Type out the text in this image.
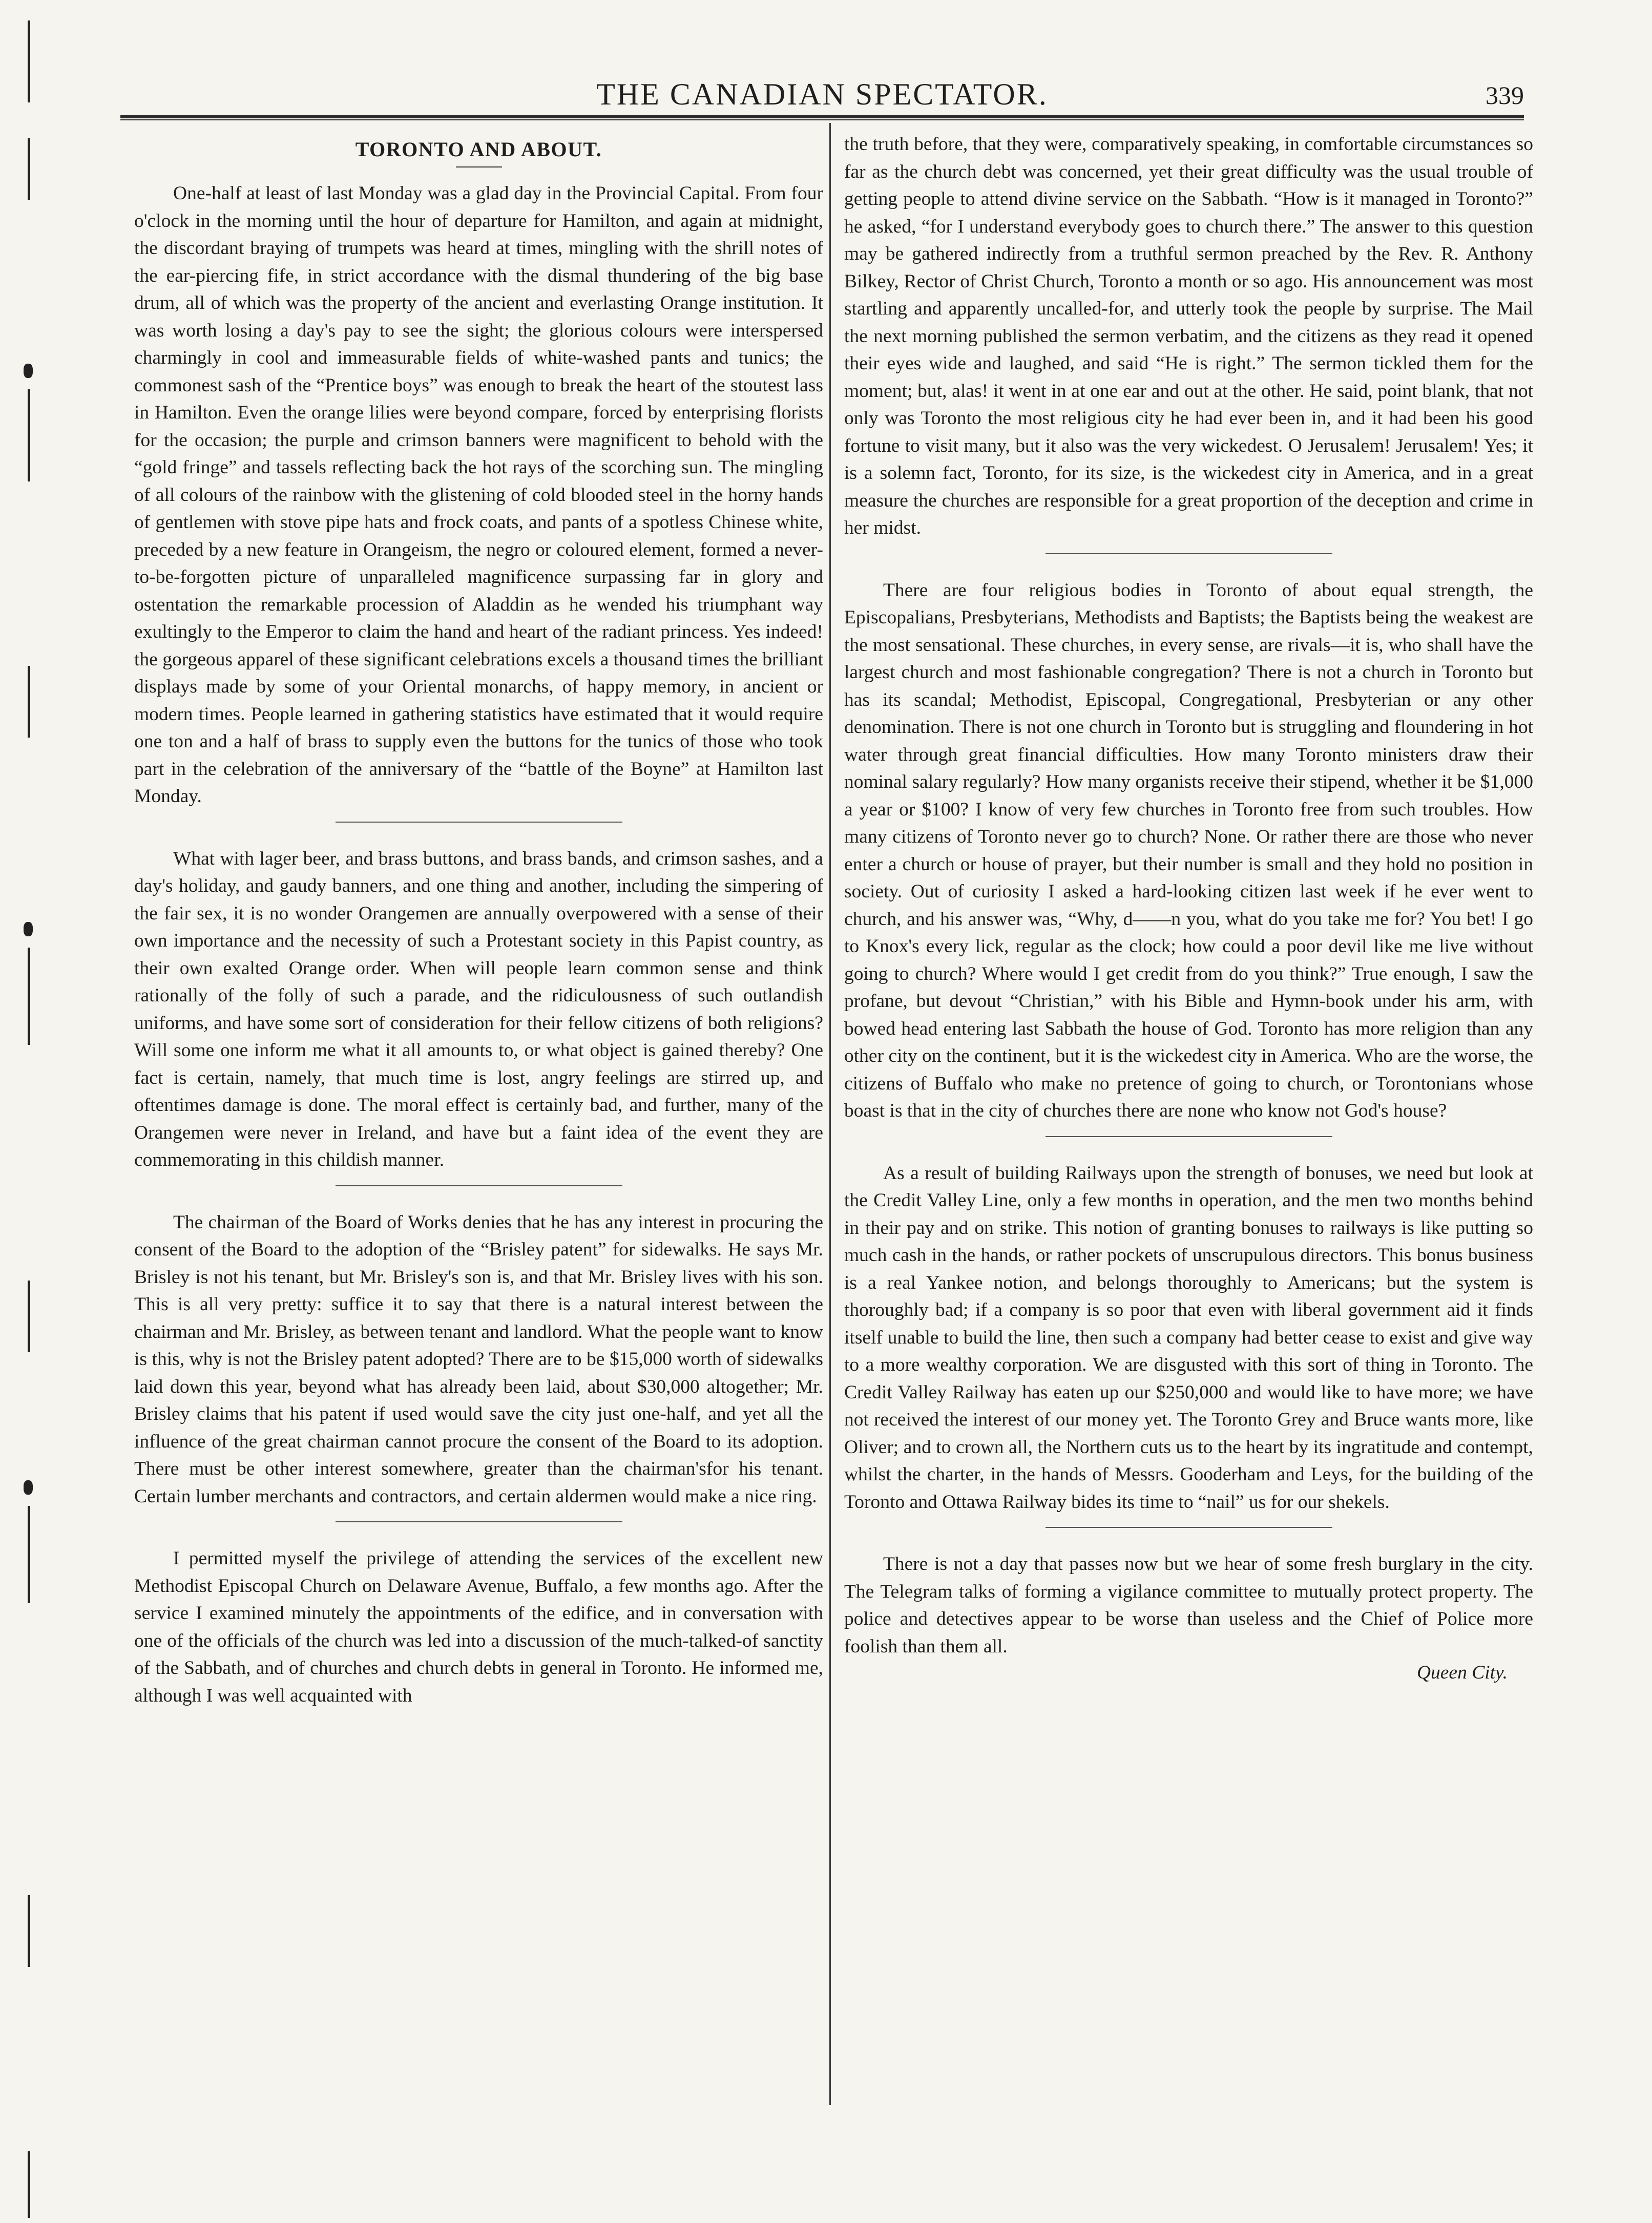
THE CANADIAN SPECTATOR.	339
TORONTO AND ABOUT.

One-half at least of last Monday was a glad day in the Provincial Capital. From four o'clock in the morning until the hour of departure for Hamilton, and again at midnight, the discordant braying of trumpets was heard at times, mingling with the shrill notes of the ear-piercing fife, in strict accordance with the dismal thundering of the big base drum, all of which was the property of the ancient and everlasting Orange institution. It was worth losing a day's pay to see the sight; the glorious colours were interspersed charmingly in cool and immeasurable fields of white-washed pants and tunics; the commonest sash of the “Prentice boys” was enough to break the heart of the stoutest lass in Hamilton. Even the orange lilies were beyond compare, forced by enterprising florists for the occasion; the purple and crimson banners were magnificent to behold with the “gold fringe” and tassels reflecting back the hot rays of the scorching sun. The mingling of all colours of the rainbow with the glistening of cold blooded steel in the horny hands of gentlemen with stove pipe hats and frock coats, and pants of a spotless Chinese white, preceded by a new feature in Orangeism, the negro or coloured element, formed a never-to-be-forgotten picture of unparalleled magnificence surpassing far in glory and ostentation the remarkable procession of Aladdin as he wended his triumphant way exultingly to the Emperor to claim the hand and heart of the radiant princess. Yes indeed! the gorgeous apparel of these significant celebrations excels a thousand times the brilliant displays made by some of your Oriental monarchs, of happy memory, in ancient or modern times. People learned in gathering statistics have estimated that it would require one ton and a half of brass to supply even the buttons for the tunics of those who took part in the celebration of the anniversary of the “battle of the Boyne” at Hamilton last Monday.

What with lager beer, and brass buttons, and brass bands, and crimson sashes, and a day's holiday, and gaudy banners, and one thing and another, including the simpering of the fair sex, it is no wonder Orangemen are annually overpowered with a sense of their own importance and the necessity of such a Protestant society in this Papist country, as their own exalted Orange order. When will people learn common sense and think rationally of the folly of such a parade, and the ridiculousness of such outlandish uniforms, and have some sort of consideration for their fellow citizens of both religions? Will some one inform me what it all amounts to, or what object is gained thereby? One fact is certain, namely, that much time is lost, angry feelings are stirred up, and oftentimes damage is done. The moral effect is certainly bad, and further, many of the Orangemen were never in Ireland, and have but a faint idea of the event they are commemorating in this childish manner.

The chairman of the Board of Works denies that he has any interest in procuring the consent of the Board to the adoption of the “Brisley patent” for sidewalks. He says Mr. Brisley is not his tenant, but Mr. Brisley's son is, and that Mr. Brisley lives with his son. This is all very pretty: suffice it to say that there is a natural interest between the chairman and Mr. Brisley, as between tenant and landlord. What the people want to know is this, why is not the Brisley patent adopted? There are to be $15,000 worth of sidewalks laid down this year, beyond what has already been laid, about $30,000 altogether; Mr. Brisley claims that his patent if used would save the city just one-half, and yet all the influence of the great chairman cannot procure the consent of the Board to its adoption. There must be other interest somewhere, greater than the chairman'sfor his tenant. Certain lumber merchants and contractors, and certain aldermen would make a nice ring.

I permitted myself the privilege of attending the services of the excellent new Methodist Episcopal Church on Delaware Avenue, Buffalo, a few months ago. After the service I examined minutely the appointments of the edifice, and in conversation with one of the officials of the church was led into a discussion of the much-talked-of sanctity of the Sabbath, and of churches and church debts in general in Toronto. He informed me, although I was well acquainted with

the truth before, that they were, comparatively speaking, in comfortable circumstances so far as the church debt was concerned, yet their great difficulty was the usual trouble of getting people to attend divine service on the Sabbath. “How is it managed in Toronto?” he asked, “for I understand everybody goes to church there.” The answer to this question may be gathered indirectly from a truthful sermon preached by the Rev. R. Anthony Bilkey, Rector of Christ Church, Toronto a month or so ago. His announcement was most startling and apparently uncalled-for, and utterly took the people by surprise. The Mail the next morning published the sermon verbatim, and the citizens as they read it opened their eyes wide and laughed, and said “He is right.” The sermon tickled them for the moment; but, alas! it went in at one ear and out at the other. He said, point blank, that not only was Toronto the most religious city he had ever been in, and it had been his good fortune to visit many, but it also was the very wickedest. O Jerusalem! Jerusalem! Yes; it is a solemn fact, Toronto, for its size, is the wickedest city in America, and in a great measure the churches are responsible for a great proportion of the deception and crime in her midst.

There are four religious bodies in Toronto of about equal strength, the Episcopalians, Presbyterians, Methodists and Baptists; the Baptists being the weakest are the most sensational. These churches, in every sense, are rivals—it is, who shall have the largest church and most fashionable congregation? There is not a church in Toronto but has its scandal; Methodist, Episcopal, Congregational, Presbyterian or any other denomination. There is not one church in Toronto but is struggling and floundering in hot water through great financial difficulties. How many Toronto ministers draw their nominal salary regularly? How many organists receive their stipend, whether it be $1,000 a year or $100? I know of very few churches in Toronto free from such troubles. How many citizens of Toronto never go to church? None. Or rather there are those who never enter a church or house of prayer, but their number is small and they hold no position in society. Out of curiosity I asked a hard-looking citizen last week if he ever went to church, and his answer was, “Why, d——n you, what do you take me for? You bet! I go to Knox's every lick, regular as the clock; how could a poor devil like me live without going to church? Where would I get credit from do you think?” True enough, I saw the profane, but devout “Christian,” with his Bible and Hymn-book under his arm, with bowed head entering last Sabbath the house of God. Toronto has more religion than any other city on the continent, but it is the wickedest city in America. Who are the worse, the citizens of Buffalo who make no pretence of going to church, or Torontonians whose boast is that in the city of churches there are none who know not God's house?

As a result of building Railways upon the strength of bonuses, we need but look at the Credit Valley Line, only a few months in operation, and the men two months behind in their pay and on strike. This notion of granting bonuses to railways is like putting so much cash in the hands, or rather pockets of unscrupulous directors. This bonus business is a real Yankee notion, and belongs thoroughly to Americans; but the system is thoroughly bad; if a company is so poor that even with liberal government aid it finds itself unable to build the line, then such a company had better cease to exist and give way to a more wealthy corporation. We are disgusted with this sort of thing in Toronto. The Credit Valley Railway has eaten up our $250,000 and would like to have more; we have not received the interest of our money yet. The Toronto Grey and Bruce wants more, like Oliver; and to crown all, the Northern cuts us to the heart by its ingratitude and contempt, whilst the charter, in the hands of Messrs. Gooderham and Leys, for the building of the Toronto and Ottawa Railway bides its time to “nail” us for our shekels.

There is not a day that passes now but we hear of some fresh burglary in the city. The Telegram talks of forming a vigilance committee to mutually protect property. The police and detectives appear to be worse than useless and the Chief of Police more foolish than them all.

Queen City.
